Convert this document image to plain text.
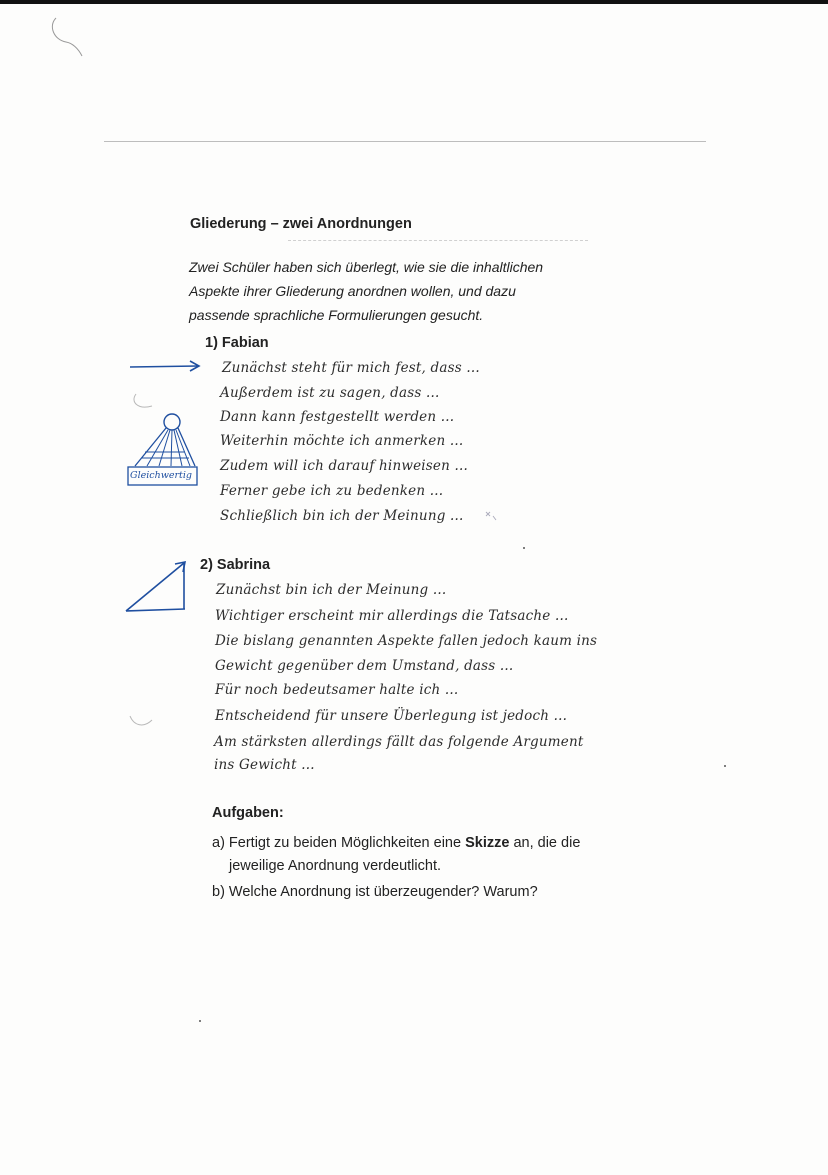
Gliederung – zwei Anordnungen
Zwei Schüler haben sich überlegt, wie sie die inhaltlichen
Aspekte ihrer Gliederung anordnen wollen, und dazu
passende sprachliche Formulierungen gesucht.
1) Fabian
Zunächst steht für mich fest, dass ...
Außerdem ist zu sagen, dass ...
Dann kann festgestellt werden ...
Weiterhin möchte ich anmerken ...
Zudem will ich darauf hinweisen ...
Ferner gebe ich zu bedenken ...
Schließlich bin ich der Meinung ...
Gleichwertig
2) Sabrina
Zunächst bin ich der Meinung ...
Wichtiger erscheint mir allerdings die Tatsache ...
Die bislang genannten Aspekte fallen jedoch kaum ins
Gewicht gegenüber dem Umstand, dass ...
Für noch bedeutsamer halte ich ...
Entscheidend für unsere Überlegung ist jedoch ...
Am stärksten allerdings fällt das folgende Argument
ins Gewicht ...
Aufgaben:
a) Fertigt zu beiden Möglichkeiten eine Skizze an, die die
jeweilige Anordnung verdeutlicht.
b) Welche Anordnung ist überzeugender? Warum?
